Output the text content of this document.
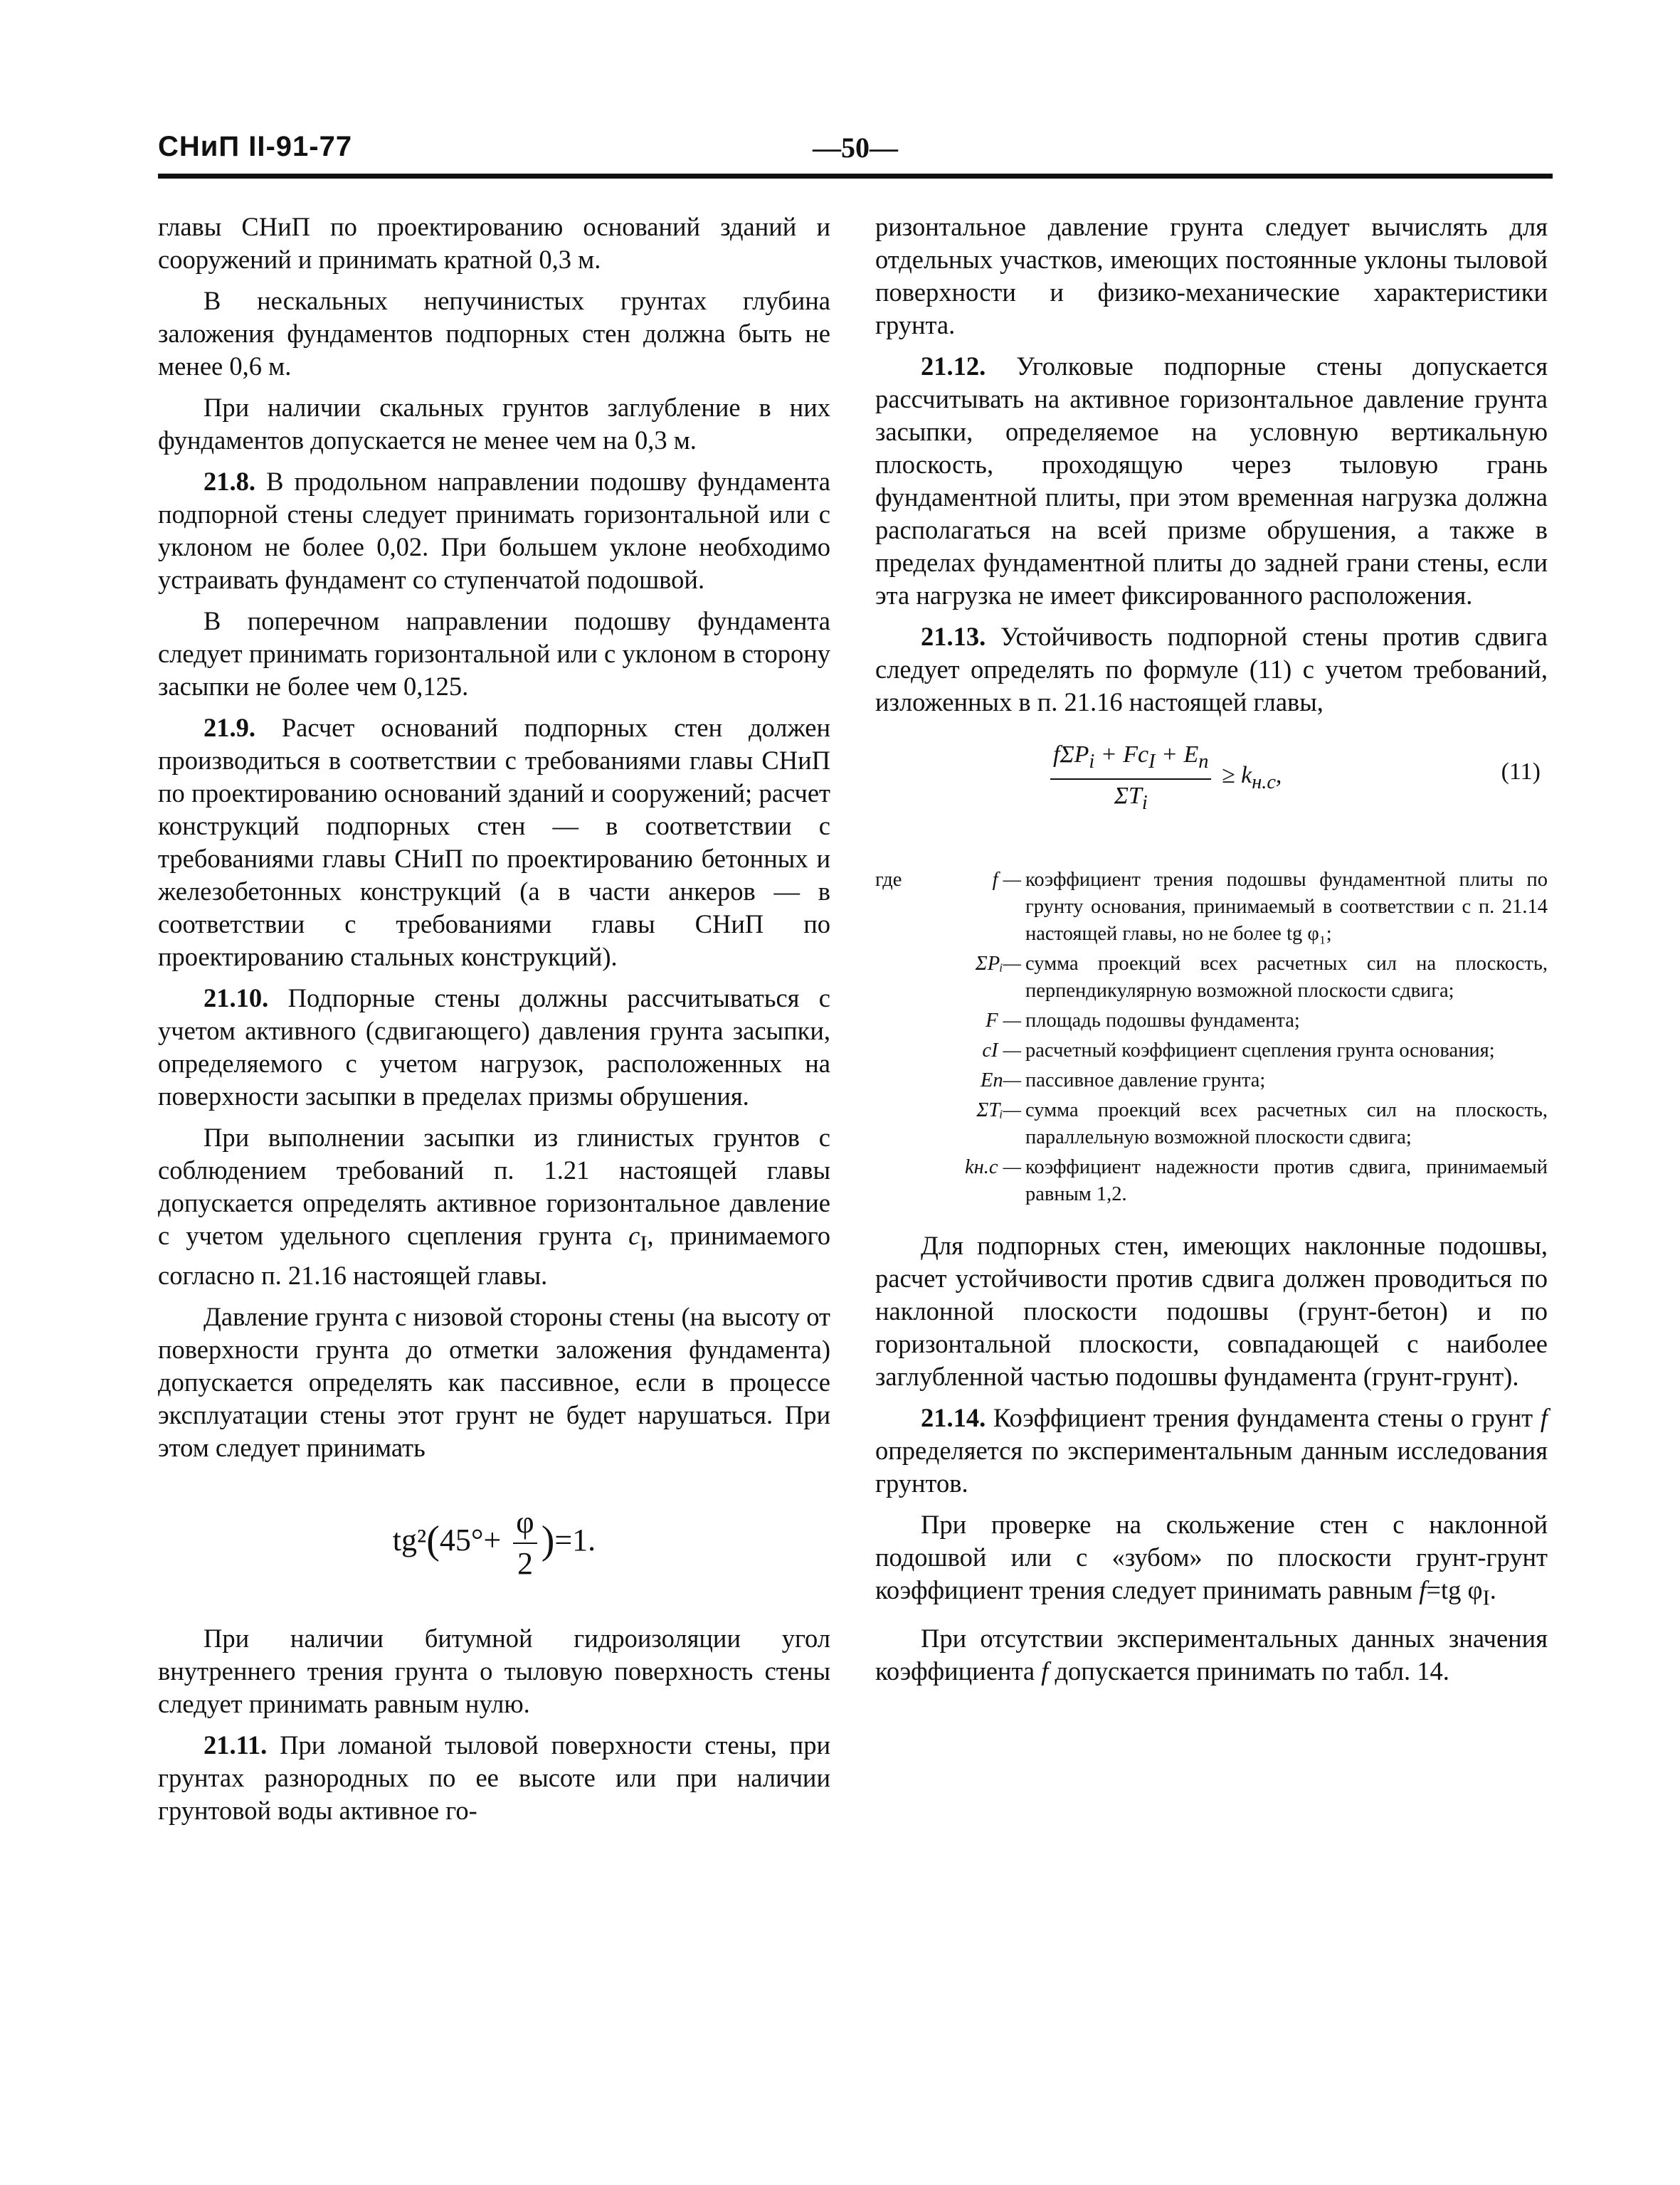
СНиП II-91-77	—50—

главы СНиП по проектированию оснований зданий и сооружений и принимать кратной 0,3 м.

В нескальных непучинистых грунтах глубина заложения фундаментов подпорных стен должна быть не менее 0,6 м.

При наличии скальных грунтов заглубление в них фундаментов допускается не менее чем на 0,3 м.

21.8. В продольном направлении подошву фундамента подпорной стены следует принимать горизонтальной или с уклоном не более 0,02. При большем уклоне необходимо устраивать фундамент со ступенчатой подошвой.

В поперечном направлении подошву фундамента следует принимать горизонтальной или с уклоном в сторону засыпки не более чем 0,125.

21.9. Расчет оснований подпорных стен должен производиться в соответствии с требованиями главы СНиП по проектированию оснований зданий и сооружений; расчет конструкций подпорных стен — в соответствии с требованиями главы СНиП по проектированию бетонных и железобетонных конструкций (а в части анкеров — в соответствии с требованиями главы СНиП по проектированию стальных конструкций).

21.10. Подпорные стены должны рассчитываться с учетом активного (сдвигающего) давления грунта засыпки, определяемого с учетом нагрузок, расположенных на поверхности засыпки в пределах призмы обрушения.

При выполнении засыпки из глинистых грунтов с соблюдением требований п. 1.21 настоящей главы допускается определять активное горизонтальное давление с учетом удельного сцепления грунта $c_I$, принимаемого согласно п. 21.16 настоящей главы.

Давление грунта с низовой стороны стены (на высоту от поверхности грунта до отметки заложения фундамента) допускается определять как пассивное, если в процессе эксплуатации стены этот грунт не будет нарушаться. При этом следует принимать

$tg^2(45^\circ+ \frac{\varphi}{2} )=1$.

При наличии битумной гидроизоляции угол внутреннего трения грунта о тыловую поверхность стены следует принимать равным нулю.

21.11. При ломаной тыловой поверхности стены, при грунтах разнородных по ее высоте или при наличии грунтовой воды активное го-

ризонтальное давление грунта следует вычислять для отдельных участков, имеющих постоянные уклоны тыловой поверхности и физико-механические характеристики грунта.

21.12. Уголковые подпорные стены допускается рассчитывать на активное горизонтальное давление грунта засыпки, определяемое на условную вертикальную плоскость, проходящую через тыловую грань фундаментной плиты, при этом временная нагрузка должна располагаться на всей призме обрушения, а также в пределах фундаментной плиты до задней грани стены, если эта нагрузка не имеет фиксированного расположения.

21.13. Устойчивость подпорной стены против сдвига следует определять по формуле (11) с учетом требований, изложенных в п. 21.16 настоящей главы,

$\frac{f\Sigma P_i + Fc_I + E_п}{\Sigma T_i} \ge k_{н.с}$,	(11)
где	f — коэффициент трения подошвы фундаментной плиты по грунту основания, принимаемый в соответствии с п. 21.14 настоящей главы, но не более tg φ₁;
ΣPᵢ— сумма проекций всех расчетных сил на плоскость, перпендикулярную возможной плоскости сдвига;
F — площадь подошвы фундамента;
cI — расчетный коэффициент сцепления грунта основания;
Eп— пассивное давление грунта;
ΣTᵢ— сумма проекций всех расчетных сил на плоскость, параллельную возможной плоскости сдвига;
kн.с — коэффициент надежности против сдвига, принимаемый равным 1,2.

Для подпорных стен, имеющих наклонные подошвы, расчет устойчивости против сдвига должен проводиться по наклонной плоскости подошвы (грунт-бетон) и по горизонтальной плоскости, совпадающей с наиболее заглубленной частью подошвы фундамента (грунт-грунт).

21.14. Коэффициент трения фундамента стены о грунт f определяется по экспериментальным данным исследования грунтов.

При проверке на скольжение стен с наклонной подошвой или с «зубом» по плоскости грунт-грунт коэффициент трения следует принимать равным f=tg $\varphi_I$.

При отсутствии экспериментальных данных значения коэффициента f допускается принимать по табл. 14.
